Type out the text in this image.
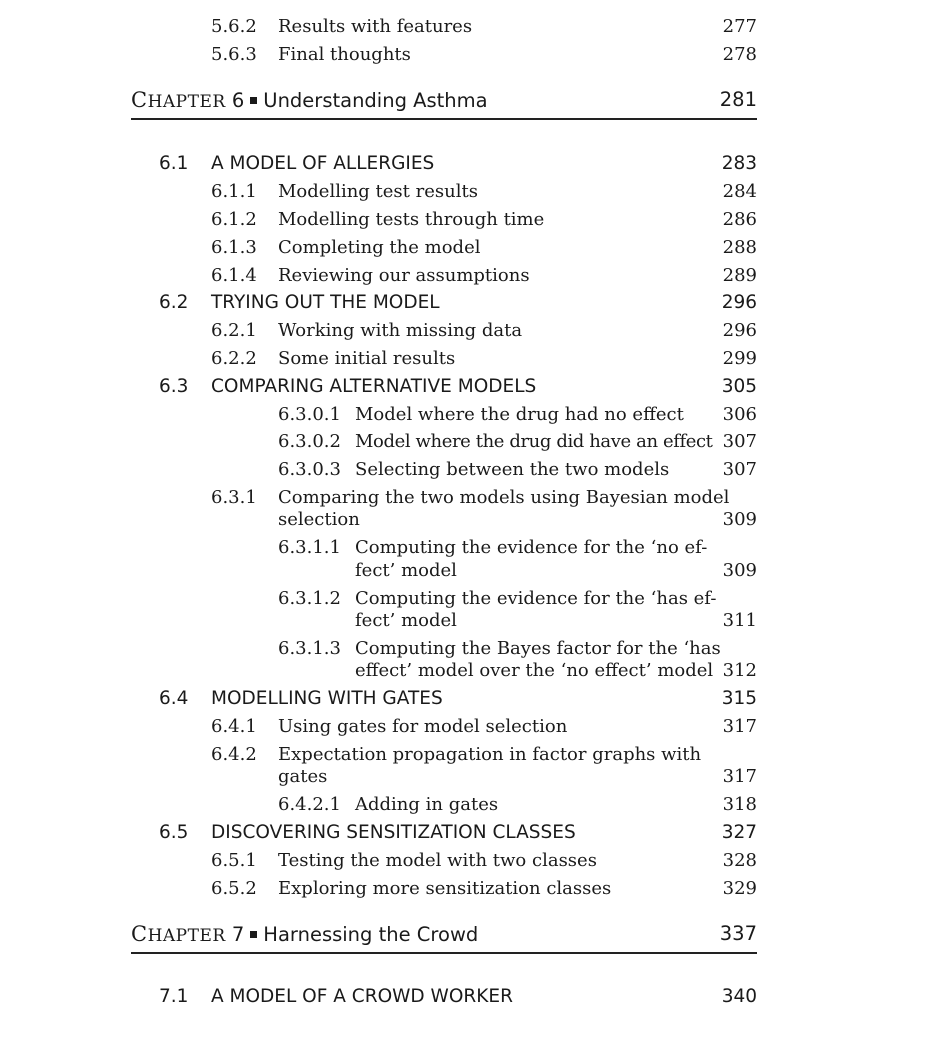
5.6.2 Results with features	277
5.6.3 Final thoughts	278
CHAPTER 6 Understanding Asthma	281
6.1 A MODEL OF ALLERGIES	283
6.1.1 Modelling test results	284
6.1.2 Modelling tests through time	286
6.1.3 Completing the model	288
6.1.4 Reviewing our assumptions	289
6.2 TRYING OUT THE MODEL	296
6.2.1 Working with missing data	296
6.2.2 Some initial results	299
6.3 COMPARING ALTERNATIVE MODELS	305
6.3.0.1 Model where the drug had no effect 306
6.3.0.2 Model where the drug did have an effect 307
6.3.0.3 Selecting between the two models	307
6.3.1 Comparing the two models using Bayesian model
selection	309
6.3.1.1 Computing the evidence for the ‘no ef-
fect’ model	309
6.3.1.2 Computing the evidence for the ‘has ef-
fect’ model	311
6.3.1.3 Computing the Bayes factor for the ‘has
effect’ model over the ‘no effect’ model 312
6.4 MODELLING WITH GATES	315
6.4.1 Using gates for model selection	317
6.4.2 Expectation propagation in factor graphs with
gates	317
6.4.2.1 Adding in gates	318
6.5 DISCOVERING SENSITIZATION CLASSES	327
6.5.1 Testing the model with two classes	328
6.5.2 Exploring more sensitization classes	329
CHAPTER 7 Harnessing the Crowd	337
7.1 A MODEL OF A CROWD WORKER	340
